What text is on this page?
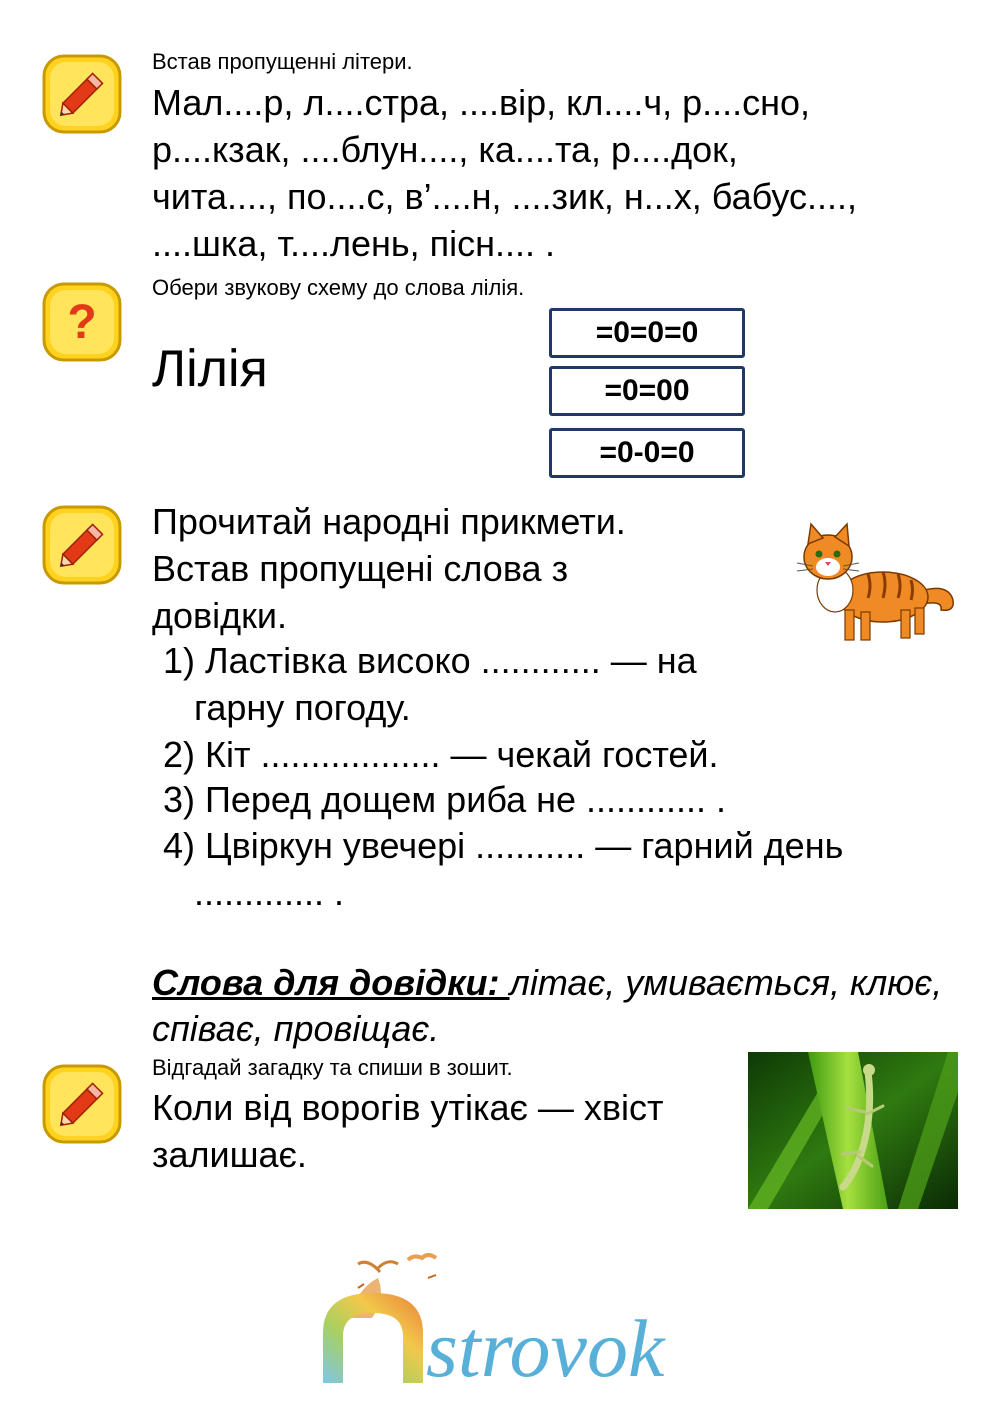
Встав пропущенні літери.
Мал....р, л....стра, ....вір, кл....ч, р....сно,
р....кзак, ....блун...., ка....та, р....док,
чита...., по....с, в’....н, ....зик, н...х, бабус....,
....шка, т....лень, пісн.... .
?
Обери звукову схему до слова лілія.
Лілія
=0=0=0
=0=00
=0-0=0
Прочитай народні прикмети.
Встав пропущені слова з
довідки.
1) Ластівка високо ............ — на
гарну погоду.
2) Кіт .................. — чекай гостей.
3) Перед дощем риба не ............ .
4) Цвіркун увечері ........... — гарний день
............. .
Слова для довідки: літає, умивається, клює, співає, провіщає.
Відгадай загадку та спиши в зошит.
Коли від ворогів утікає — хвіст
залишає.
strovok
